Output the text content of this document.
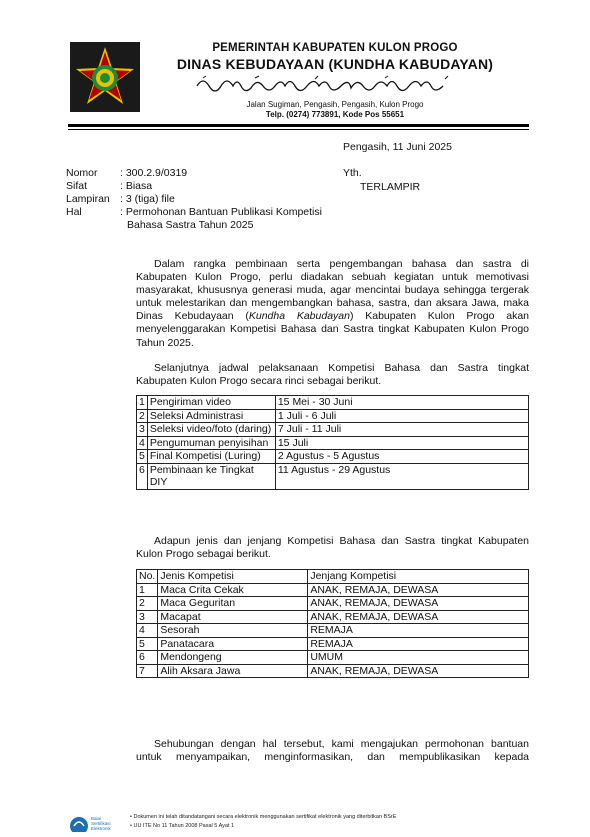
PEMERINTAH KABUPATEN KULON PROGO
DINAS KEBUDAYAAN (KUNDHA KABUDAYAN)
Jalan Sugiman, Pengasih, Pengasih, Kulon Progo
Telp. (0274) 773891, Kode Pos 55651
Pengasih, 11 Juni 2025
Nomor : 300.2.9/0319
Sifat	: Biasa
Lampiran : 3 (tiga) file
Hal	: Permohonan Bantuan Publikasi Kompetisi
Bahasa Sastra Tahun 2025
Yth.
TERLAMPIR
Dalam rangka pembinaan serta pengembangan bahasa dan sastra di
Kabupaten Kulon Progo, perlu diadakan sebuah kegiatan untuk memotivasi
masyarakat, khususnya generasi muda, agar mencintai budaya sehingga tergerak
untuk melestarikan dan mengembangkan bahasa, sastra, dan aksara Jawa, maka
Dinas Kebudayaan (Kundha Kabudayan) Kabupaten Kulon Progo akan
menyelenggarakan Kompetisi Bahasa dan Sastra tingkat Kabupaten Kulon Progo
Tahun 2025.
Selanjutnya jadwal pelaksanaan Kompetisi Bahasa dan Sastra tingkat
Kabupaten Kulon Progo secara rinci sebagai berikut.
1	Pengiriman video	15 Mei - 30 Juni
2	Seleksi Administrasi	1 Juli - 6 Juli
3	Seleksi video/foto (daring)	7 Juli - 11 Juli
4	Pengumuman penyisihan	15 Juli
5	Final Kompetisi (Luring)	2 Agustus - 5 Agustus
6	Pembinaan ke Tingkat DIY	11 Agustus - 29 Agustus
Adapun jenis dan jenjang Kompetisi Bahasa dan Sastra tingkat Kabupaten
Kulon Progo sebagai berikut.
No.	Jenis Kompetisi	Jenjang Kompetisi
1	Maca Crita Cekak	ANAK, REMAJA, DEWASA
2	Maca Geguritan	ANAK, REMAJA, DEWASA
3	Macapat	ANAK, REMAJA, DEWASA
4	Sesorah	REMAJA
5	Panatacara	REMAJA
6	Mendongeng	UMUM
7	Alih Aksara Jawa	ANAK, REMAJA, DEWASA
Sehubungan dengan hal tersebut, kami mengajukan permohonan bantuan
untuk menyampaikan, menginformasikan, dan mempublikasikan kepada
Balai
Sertifikasi
Elektronik
• Dokumen ini telah ditandatangani secara elektronik menggunakan sertifikat elektronik yang diterbitkan BSrE
• UU ITE No 11 Tahun 2008 Pasal 5 Ayat 1
